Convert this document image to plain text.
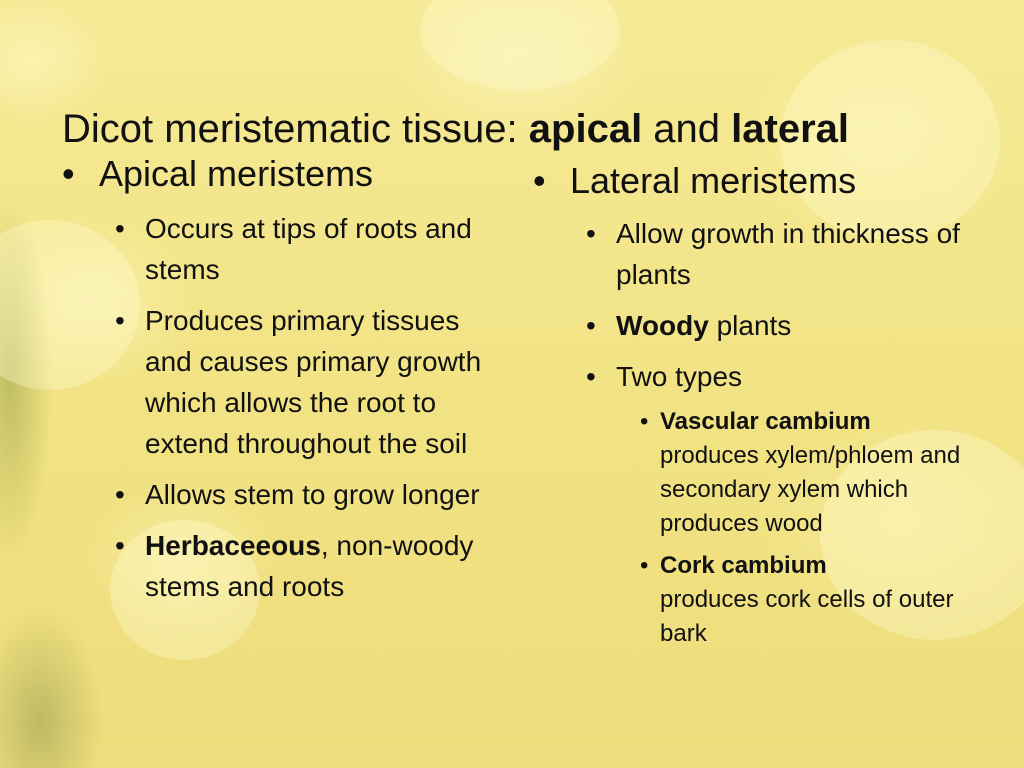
Dicot meristematic tissue: apical and lateral
• Apical meristems
• Occurs at tips of roots and stems
• Produces primary tissues and causes primary growth which allows the root to extend throughout the soil
• Allows stem to grow longer
• Herbaceeous, non-woody stems and roots
• Lateral meristems
• Allow growth in thickness of plants
• Woody plants
• Two types
• Vascular cambium
produces xylem/phloem and secondary xylem which produces wood
• Cork cambium
produces cork cells of outer bark
